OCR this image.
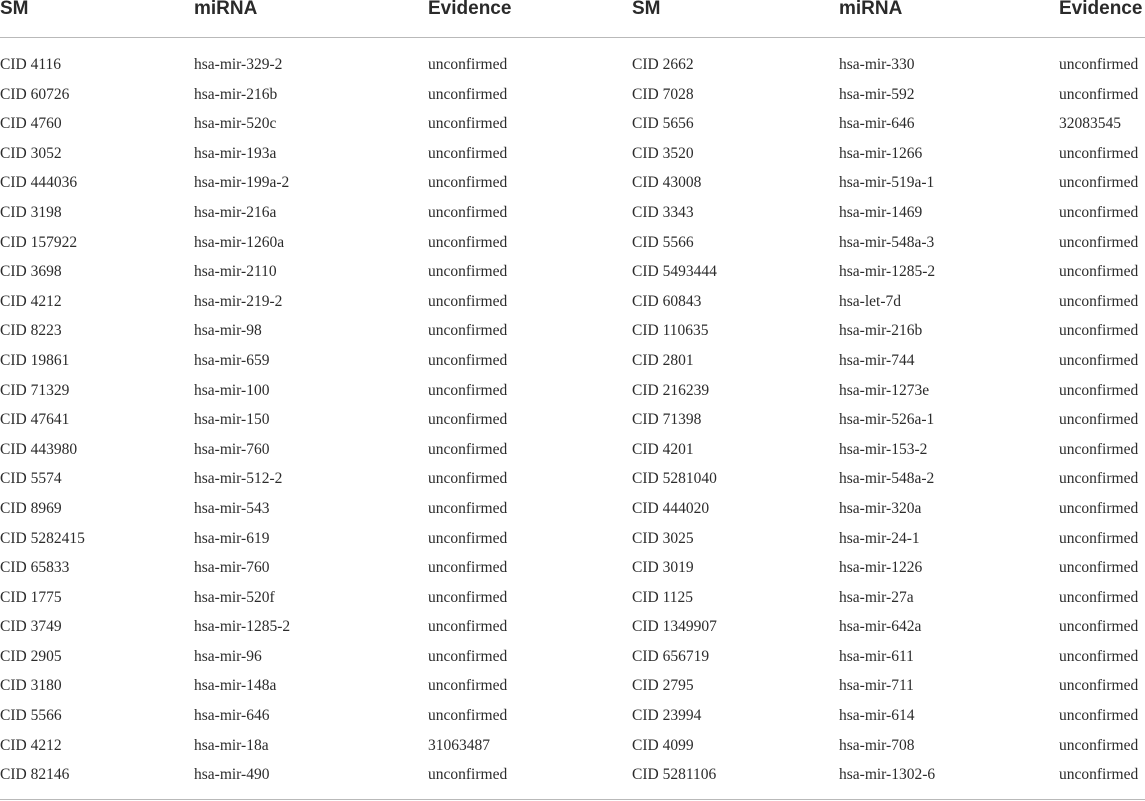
SM	miRNA	Evidence	SM	miRNA	Evidence
CID 4116	hsa-mir-329-2	unconfirmed	CID 2662	hsa-mir-330	unconfirmed
CID 60726	hsa-mir-216b	unconfirmed	CID 7028	hsa-mir-592	unconfirmed
CID 4760	hsa-mir-520c	unconfirmed	CID 5656	hsa-mir-646	32083545
CID 3052	hsa-mir-193a	unconfirmed	CID 3520	hsa-mir-1266	unconfirmed
CID 444036	hsa-mir-199a-2	unconfirmed	CID 43008	hsa-mir-519a-1	unconfirmed
CID 3198	hsa-mir-216a	unconfirmed	CID 3343	hsa-mir-1469	unconfirmed
CID 157922	hsa-mir-1260a	unconfirmed	CID 5566	hsa-mir-548a-3	unconfirmed
CID 3698	hsa-mir-2110	unconfirmed	CID 5493444	hsa-mir-1285-2	unconfirmed
CID 4212	hsa-mir-219-2	unconfirmed	CID 60843	hsa-let-7d	unconfirmed
CID 8223	hsa-mir-98	unconfirmed	CID 110635	hsa-mir-216b	unconfirmed
CID 19861	hsa-mir-659	unconfirmed	CID 2801	hsa-mir-744	unconfirmed
CID 71329	hsa-mir-100	unconfirmed	CID 216239	hsa-mir-1273e	unconfirmed
CID 47641	hsa-mir-150	unconfirmed	CID 71398	hsa-mir-526a-1	unconfirmed
CID 443980	hsa-mir-760	unconfirmed	CID 4201	hsa-mir-153-2	unconfirmed
CID 5574	hsa-mir-512-2	unconfirmed	CID 5281040	hsa-mir-548a-2	unconfirmed
CID 8969	hsa-mir-543	unconfirmed	CID 444020	hsa-mir-320a	unconfirmed
CID 5282415	hsa-mir-619	unconfirmed	CID 3025	hsa-mir-24-1	unconfirmed
CID 65833	hsa-mir-760	unconfirmed	CID 3019	hsa-mir-1226	unconfirmed
CID 1775	hsa-mir-520f	unconfirmed	CID 1125	hsa-mir-27a	unconfirmed
CID 3749	hsa-mir-1285-2	unconfirmed	CID 1349907	hsa-mir-642a	unconfirmed
CID 2905	hsa-mir-96	unconfirmed	CID 656719	hsa-mir-611	unconfirmed
CID 3180	hsa-mir-148a	unconfirmed	CID 2795	hsa-mir-711	unconfirmed
CID 5566	hsa-mir-646	unconfirmed	CID 23994	hsa-mir-614	unconfirmed
CID 4212	hsa-mir-18a	31063487	CID 4099	hsa-mir-708	unconfirmed
CID 82146	hsa-mir-490	unconfirmed	CID 5281106	hsa-mir-1302-6	unconfirmed
